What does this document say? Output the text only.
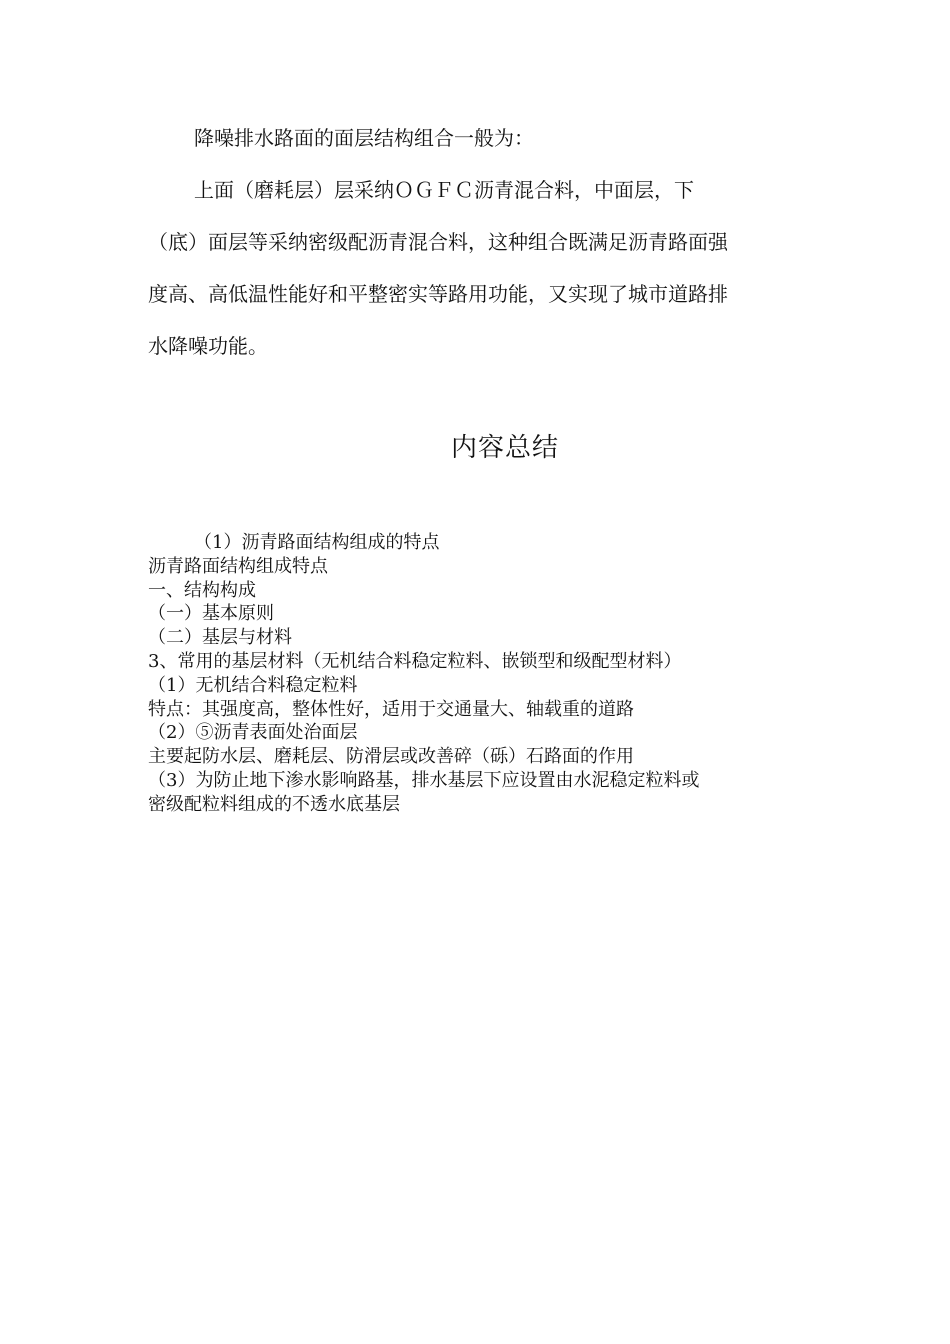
降噪排水路面的面层结构组合一般为：

上面（磨耗层）层采纳ＯＧＦＣ沥青混合料，中面层，下

（底）面层等采纳密级配沥青混合料，这种组合既满足沥青路面强

度高、高低温性能好和平整密实等路用功能，又实现了城市道路排

水降噪功能。

内容总结
（1）沥青路面结构组成的特点
沥青路面结构组成特点
一、结构构成
（一）基本原则
（二）基层与材料
3、常用的基层材料（无机结合料稳定粒料、嵌锁型和级配型材料）
（1）无机结合料稳定粒料
特点：其强度高，整体性好，适用于交通量大、轴载重的道路
（2）⑤沥青表面处治面层
主要起防水层、磨耗层、防滑层或改善碎（砾）石路面的作用
（3）为防止地下渗水影响路基，排水基层下应设置由水泥稳定粒料或
密级配粒料组成的不透水底基层
